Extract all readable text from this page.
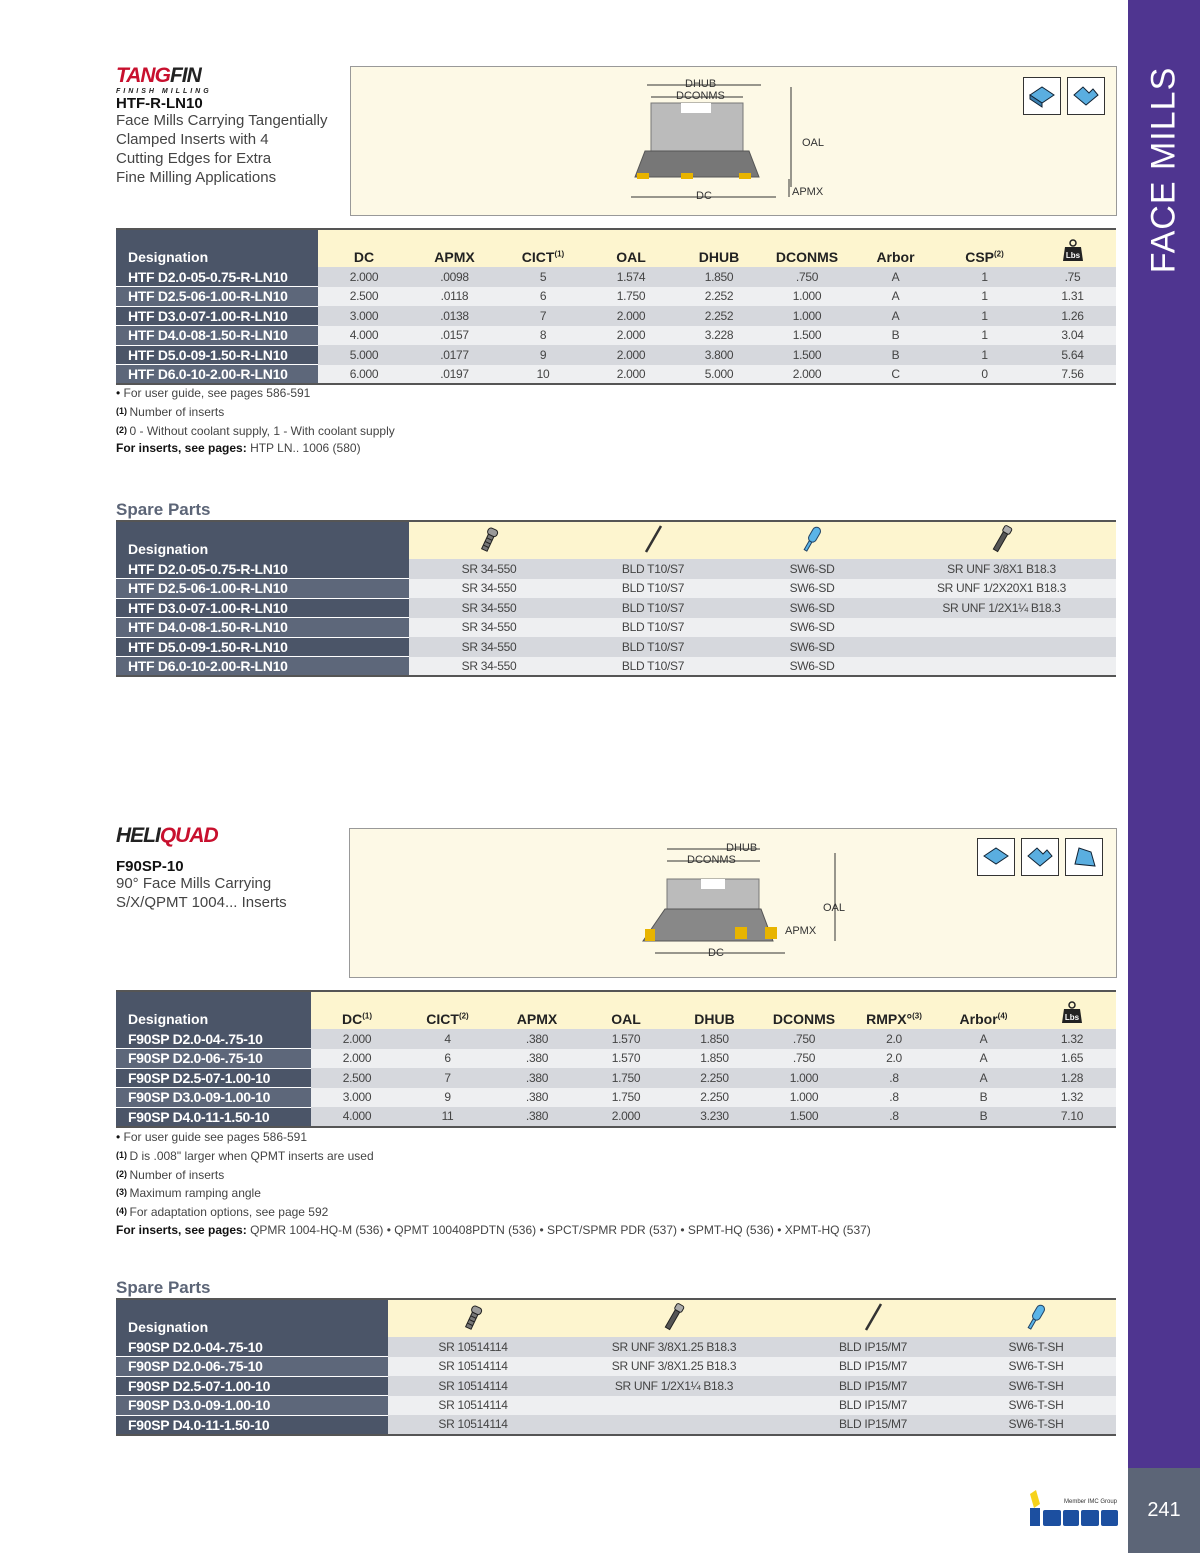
FACE MILLS
241
Member IMC Group
TANGFIN
FINISH MILLING
HTF-R-LN10
Face Mills Carrying Tangentially
Clamped Inserts with 4
Cutting Edges for Extra
Fine Milling Applications
DHUB
DCONMS
OAL
APMX
DC
Designation	DC	APMX	CICT$^{(1)}$	OAL	DHUB	DCONMS	Arbor	CSP$^{(2)}$	Lbs

HTF D2.0-05-0.75-R-LN10	2.000	.0098	5	1.574	1.850	.750	A	1	.75
HTF D2.5-06-1.00-R-LN10	2.500	.0118	6	1.750	2.252	1.000	A	1	1.31
HTF D3.0-07-1.00-R-LN10	3.000	.0138	7	2.000	2.252	1.000	A	1	1.26
HTF D4.0-08-1.50-R-LN10	4.000	.0157	8	2.000	3.228	1.500	B	1	3.04
HTF D5.0-09-1.50-R-LN10	5.000	.0177	9	2.000	3.800	1.500	B	1	5.64
HTF D6.0-10-2.00-R-LN10	6.000	.0197	10	2.000	5.000	2.000	C	0	7.56
• For user guide, see pages 586-591
(1) Number of inserts
(2) 0 - Without coolant supply, 1 - With coolant supply
For inserts, see pages: HTP LN.. 1006 (580)
Spare Parts
Designation				
HTF D2.0-05-0.75-R-LN10	SR 34-550	BLD T10/S7	SW6-SD	SR UNF 3/8X1 B18.3
HTF D2.5-06-1.00-R-LN10	SR 34-550	BLD T10/S7	SW6-SD	SR UNF 1/2X20X1 B18.3
HTF D3.0-07-1.00-R-LN10	SR 34-550	BLD T10/S7	SW6-SD	SR UNF 1/2X1¼ B18.3
HTF D4.0-08-1.50-R-LN10	SR 34-550	BLD T10/S7	SW6-SD	
HTF D5.0-09-1.50-R-LN10	SR 34-550	BLD T10/S7	SW6-SD	
HTF D6.0-10-2.00-R-LN10	SR 34-550	BLD T10/S7	SW6-SD	
HELIQUAD
F90SP-10
90° Face Mills Carrying
S/X/QPMT 1004... Inserts
DHUB
DCONMS
OAL
APMX
DC
Designation	DC$^{(1)}$	CICT$^{(2)}$	APMX	OAL	DHUB	DCONMS	RMPX°$^{(3)}$	Arbor$^{(4)}$	Lbs

F90SP D2.0-04-.75-10	2.000	4	.380	1.570	1.850	.750	2.0	A	1.32
F90SP D2.0-06-.75-10	2.000	6	.380	1.570	1.850	.750	2.0	A	1.65
F90SP D2.5-07-1.00-10	2.500	7	.380	1.750	2.250	1.000	.8	A	1.28
F90SP D3.0-09-1.00-10	3.000	9	.380	1.750	2.250	1.000	.8	B	1.32
F90SP D4.0-11-1.50-10	4.000	11	.380	2.000	3.230	1.500	.8	B	7.10
• For user guide see pages 586-591
(1) D is .008" larger when QPMT inserts are used
(2) Number of inserts
(3) Maximum ramping angle
(4) For adaptation options, see page 592
For inserts, see pages: QPMR 1004-HQ-M (536) • QPMT 100408PDTN (536) • SPCT/SPMR PDR (537) • SPMT-HQ (536) • XPMT-HQ (537)
Spare Parts
Designation				
F90SP D2.0-04-.75-10	SR 10514114	SR UNF 3/8X1.25 B18.3	BLD IP15/M7	SW6-T-SH
F90SP D2.0-06-.75-10	SR 10514114	SR UNF 3/8X1.25 B18.3	BLD IP15/M7	SW6-T-SH
F90SP D2.5-07-1.00-10	SR 10514114	SR UNF 1/2X1¼ B18.3	BLD IP15/M7	SW6-T-SH
F90SP D3.0-09-1.00-10	SR 10514114		BLD IP15/M7	SW6-T-SH
F90SP D4.0-11-1.50-10	SR 10514114		BLD IP15/M7	SW6-T-SH
